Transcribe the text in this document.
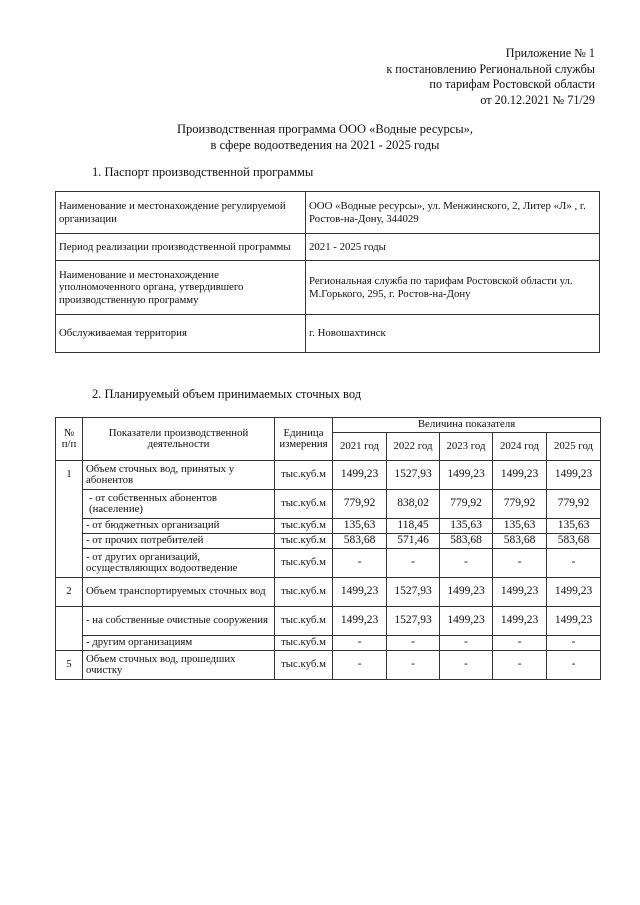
Приложение № 1
к постановлению Региональной службы
по тарифам Ростовской области
от 20.12.2021 № 71/29
Производственная программа ООО «Водные ресурсы»,
в сфере водоотведения на 2021 - 2025 годы
1. Паспорт производственной программы
Наименование и местонахождение регулируемой организации	ООО «Водные ресурсы», ул. Менжинского, 2, Литер «Л» , г. Ростов-на-Дону, 344029
Период реализации производственной программы	2021 - 2025 годы
Наименование и местонахождение уполномоченного органа, утвердившего производственную программу	Региональная служба по тарифам Ростовской области ул. М.Горького, 295, г. Ростов-на-Дону
Обслуживаемая территория	г. Новошахтинск
2. Планируемый объем принимаемых сточных вод
№ п/п	Показатели производственной деятельности	Единица измерения	Величина показателя				
			2021 год	2022 год	2023 год	2024 год	2025 год
1	Объем сточных вод, принятых у абонентов	тыс.куб.м	1499,23	1527,93	1499,23	1499,23	1499,23
	- от собственных абонентов (население)	тыс.куб.м	779,92	838,02	779,92	779,92	779,92
	- от бюджетных организаций	тыс.куб.м	135,63	118,45	135,63	135,63	135,63
	- от прочих потребителей	тыс.куб.м	583,68	571,46	583,68	583,68	583,68
	- от других организаций, осуществляющих водоотведение	тыс.куб.м	-	-	-	-	-
2	Объем транспортируемых сточных вод	тыс.куб.м	1499,23	1527,93	1499,23	1499,23	1499,23
	- на собственные очистные сооружения	тыс.куб.м	1499,23	1527,93	1499,23	1499,23	1499,23
	- другим организациям	тыс.куб.м	-	-	-	-	-
5	Объем сточных вод, прошедших очистку	тыс.куб.м	-	-	-	-	-
